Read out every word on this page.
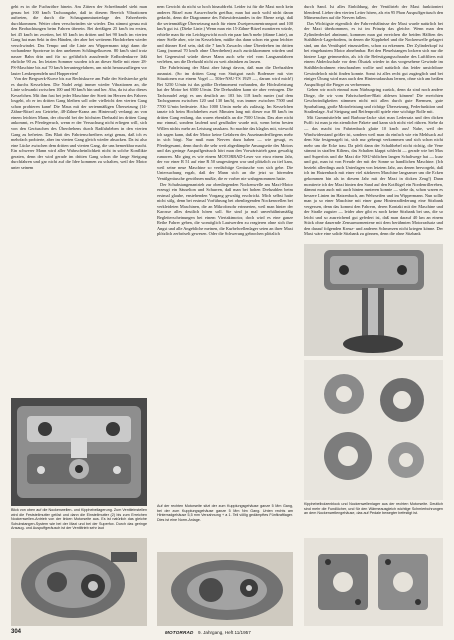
geht es in die Fuchsröhre hinein. Am Zittern der Schreibnadel sieht man genau bei 100 km/h Tachoangabe, daß in diesem Bereich Vibrationen auftreten, die durch die Schaugummiunterlage des Fahrerbretts durchkommen. Weiter oben verschwinden sie wieder. Das stimmt genau mit den Beobachtungen beim Fahren überein. Bei dreißigen 25 km/h im ersten, bei 45 km/h im zweiten, bei 65 km/h im dritten und bei 90 km/h im vierten Gang hat man Sekt in den Händen, der aber bei weiterem Hochdrehen wieder verschwindet. Das Tempo und die Linie am Wippermann trägt dann die vorhandene Sportreue in den unebenen Schlängelkurven. 80 km/h sind trotz nasser Bahn drin und für so gefährlich ausufernde Erdbodenkurve läßt ehrliche 90 zu. Im letzten Sommer wurden ich an dieser Stelle mit einer 28-PS-Maschine bis auf 70 km/h heruntergefahren, um nicht herauszufliegen vor lauter Lenkerpendeln und Hoppereien!

Von der Bergwerk-Kurve bis zur Rechtskurve am Fuße der Steilstrecke geht es durchs Kesselchen. Die Nadel zeigt immer wieder Vibrationen an, die Linie schwankt zwischen 100 und 80 km/h hin und her. Aha, da ist also dieses Kesselchen. Mit ihm fast bei jeder Maschine der Streit im Herzen des Fahrers losgeht, ob er im dritten Gang bleiben soll oder vielleicht den vierten Gang schon probieren kann! Die Maus mit der serienmäßigen Übersetzung (14-Zähne-Ritzel am Getriebe, 48-Zähne-Kranz am Hinterrad) verlangt an von einem leichten Mann, der obwohl bei der höchsten Drehzahl im dritten Gang ankommt, es Pferdegeruch, wenn er der Versuchung nicht erliegen will, sich von den Geräuschen des Überdrehens durch Radfahrleben in den vierten Gang zu befreien. Das Blatt des Fahrtenschreibers zeigt genau, daß ich es mehrfach probierte, aber im vierten Gang gleich wieder absacken. Da ist also eine Lücke zwischen dem dritten und vierten Gang, die uns bemerkbar macht. Ein schwerer Mann wird aller Wahrscheinlichkeit nicht in solche Konflikte geraten, denn der wird gerade im dritten Gang schon die lange Steigung durchfahren und gar nicht auf die Idee kommen zu schalten, weil der Motor unter seinem

Blick von oben auf die Nockenwellen- und Kipphebellagerung. Zum Ventileinstellen wird die Feststellmutter gelöst und dann die Einstellmutter (2) bis zum Erreichen

nem Gewicht da nicht so hoch hinaufdreht. Leider ist für die Maxi noch kein anderes Ritzel zum Auswechseln greifbar, man hat auch wohl nicht daran gedacht, denn die Diagramme des Fahrwiderstandes in der Ebene zeigt, daß die serienmäßige Übersetzung nach für einen Zweipersonentransport und 100 km/h gut ist. (Dieke Linie.) Wenn man ein 15-Zähne-Ritzel montieren würde, erhielte man für ein Leichtgewicht noch ein paar km/h mehr (dünne Linie), an einer Stelle aber, wie im Kesselchen, müßte das dann schon ein ganz leichter und dünner Kerl sein, daß die 7 km/h Zuwachs ohne Überdrehen im dritten Gang (normal 70 km/h ohne Überdrehen) auch zurückkommen würden und bei Gegenwind würde dieser Mann auch sehr viel vom Langsamfahren verleben, um die Drehzahl nicht zu weit absinken zu lassen.

Die Fahrleistung der Maxi aber hängt davon, daß man die Drehzahlen ausnutzt. (So im dritten Gang von Stuttgart nach Bodensee mit vier Situationen nur einem Vogel — 50ler-NSU-TS 1929 —, darum wird mich!) Bei 5250 U/min ist das größte Drehmoment vorhanden, die Höchstleistung hat der Motor bei 6500 U/min. Die Drehzahlen kann sie aber vertragen. Die Tachonadel zeigt es uns deutlich an: 103 bis 118 km/h runter (auf dem Tachogramm zwischen 120 und 130 km/h), was immer zwischen 7500 und 7700 U/min bedeutete. Also 1000 U/min mehr als zulässig. Im Kesselchen tanzte ich beim Hochdrehen zwei Minuten lang mit dieser nur 80 km/h im dritten Gang entlang, das waren ebenfalls an die 7500 U/min. Das aber nicht nur einmal, sondern laufend und gesdhalter wurde mit, wenn beim besten Willen nichts mehr an Leistung rauskam. So machte das klaglos mit, wiewohl ich sagen kann, daß der Motor keine Gefahren des Auseinanderfliegens mehr in sich birgt. Nur muß man Nerven dazu haben — wie gesagt, es Pferdegesamt, denn durch die sehr weit abgedämpfte Ansaugseite des Motors und das geringe Auspuffgeräusch hört man den Vorwärtstrieb ganz gewaltig rumoren. Mir ging es wie einem MOTORRAD-Leser vor etwa einem Jahr, der vor einer R 51 auf eine R 50 umgestiegen war und plötzlich zu tief kam, weil seine neue Maschine so verdächtige Geräusche von sich gebe. Die Untersuchung ergab, daß der Mann sich an die jetzt so hörenden Ventilgeräusche gewöhnen mußte, die er vorher nie wahrgenommen hatte.

Der Schubstangenantrieb zur obenliegenden Nockenwelle am Maxi-Motor erzeugt ein Säuselton und Schurren, daß man bei hohen Drehzahlen beim erstmal glaube, enstehenden Vorgang gewaltig erschrickt. Mich selbst hatte nicht stilg, denn bei erstmal Vorführung bei obenliegenden Nockenwellen bei verkleideten Maschinen, die an Mikrofonohr erinnerten, weil man hinter der Karosse alles deutlich hören soll. Sie sind ja mal unverhältnismäßig Begleiterscheinungen bei einem Viertaktmotor, doch wird es eine ganze Reihe Fahrer geben, die womöglich Lautwerden zu reagieren ohne sich ihre Angst und alle Angebliche meinen, die Kurbelwellenlager seien an ihrer Maxi plötzlich zerbröselt gewesen. Oder die Schwerung gebrochen plötzlich

durch Sand. Ist alles Einbildung, der Ventiltrieb der Maxi funktioniert blendend. Lieber den vierten Leiter hören, als ein 95 Phon Auspuffgeräusch den Mitmenschen auf die Nerven fallen.

Das Wichtigste eigentlich der Fahrverhältnisse der Maxi wurde natürlich bei der Maxi überkommen, es ist im Prinzip das gleiche. Wenn man den Zylinderdeckel abnimmt, kommen man gut erreichen die beiden Hälften des Stahlblech-Lagerbodens, in denen die Kipphebel und die Nockenwelle gelagert sind, um das Ventilspiel einzustellen, schon zu erkennen. Der Zylinderkopf ist bei eingebautem Motor abnehmbar. Bei den Pleuelstangen lockern sich nur die hintere Lage geimmerhin, als ich die Befestigungsschraube des Luftfilters mit einem Abdeckschale vor dem Ölsatzk wieder in das vorgesehene Gewinde im Stahlblechrahmen einschrauben wollte und natürlich das leider unsichtbare Gewindeloch nicht finden konnte. Sonst ist alles recht gut zugänglich und bei einiger Übung wird man auch den Hinterradausbau lernen, ohne sich am heißen Auspufftopf die Finger zu verbrennen.

Gehen wir noch einmal zum Nürburgring zurück, denn da sind noch andere Dinge, die wir vom Fahrtschreiber-Blatt ablesen können! Die erreichten Geschwindigkeiten stimmen nicht mit allen durch gute Bremsen, gute Spurhaltung, große Motorleistung und richtige Übersetzung, Federfunktion und Straßenlage. Auf Steigung und Reifenprofil spiele eine wichtige Rolle mit.

Mit Gummistiefeln und Barbour-Jacke sitzt man Ledersatz und den dicken Puffi: ist man ja ein ziemlicher Pakete und kann sich nicht viel rühren. Stehe da — das macht im Fahrtenbuch glatte 10 km/h aus! Nahe, weil der Windwiderstand größer ist, sondern weil man da einfach wie ein Mehlsack auf dem Sitz festgenagelt ist, sich nur gebeugt verkommen und sich schon nicht mehr um die Ecke trau. Da pfelt dann der Schalthebel nicht richtig, die Vene stimmt in straffen Kiltens, das Schalten klappt schlecht — gerade wie bei Max und Superfots und die Maxi die NSU-üblichen langen Schaltwege hat — kurz und gut, man ist von Freude der mit der Sonne so handlichen Maschine. (Ich bezieht allerdings auch Unterlagen von letztem Jahr, aus denen hervorgeht, daß ich im Hatzenbach mit einer viel stärkeren Maschine langsamer um die Ecken gekommen bin als in diesem Jahr mit der Maxi in dicken Zeug!) Dann montierte ich der Maxi hinten den Sand auf den Kotflügel ein Nordenrillereben, dämmt man auch mit auch hinten runteren konnte — siehe da, schon waren es bessere Linien im Hatzenbach, am Wehrseifen und im Wippermann. Nun sollte man ja so einer Maschine mit einer ganz Hinterradfederung eine Sitzbank vergessen, denn das kommt den Fahrern, deren Kontakt mit der Maschine und der Straße zuguter — leider aber gibt es noch keine Sitzbank bei uns, die so leicht und so ausreichend gut gefedert ist, daß man darauf 40 km an einem Stück ohne dauernde Zensurmomentene mit dem berühmten Motorradsatz und den darauf folgenden Kreuz- und anderen Schmerzen nicht kriegen könne. Der Maxi wäre eine solide Sitzbank zu gönnen, denn die ohne Sitzbank

Kipphebelbolzenblock und Nockenwellenlager aus der rechten Motorseite. Deutlich sind mehr die Fundlöcher, und für den Wärmeausgleich wichtige Schmierbohrungen an dem Nockenwellengehäuse, das auf Pedale bewegter befestigt ist.
Auf der rechten Motorseite sitzt der zum Kupplungsgehäuse ganze 5 Mm Gang, bei der zum Kupplungsgehäuse ganze 5 Mm Nm Gang. Unten rechts am Hinterradgehäuse 5,5 mm Verzahnung + a 1. Teil völlig gedämpftes Fünfkraftlager. Dies ist eine Norm-Anlage.
304	MOTORRAD 9. Jahrgang, Heft 11/1957
Nockenwellen-Antrieb von der linken Motorseite aus. Es ist natürlich das gleiche Schubstangen-System wie bei der Maxi und bei der Superfox. Durch das geringe Ansaug- und Auspuffgeräusch ist der Ventiltrieb sehr laut
